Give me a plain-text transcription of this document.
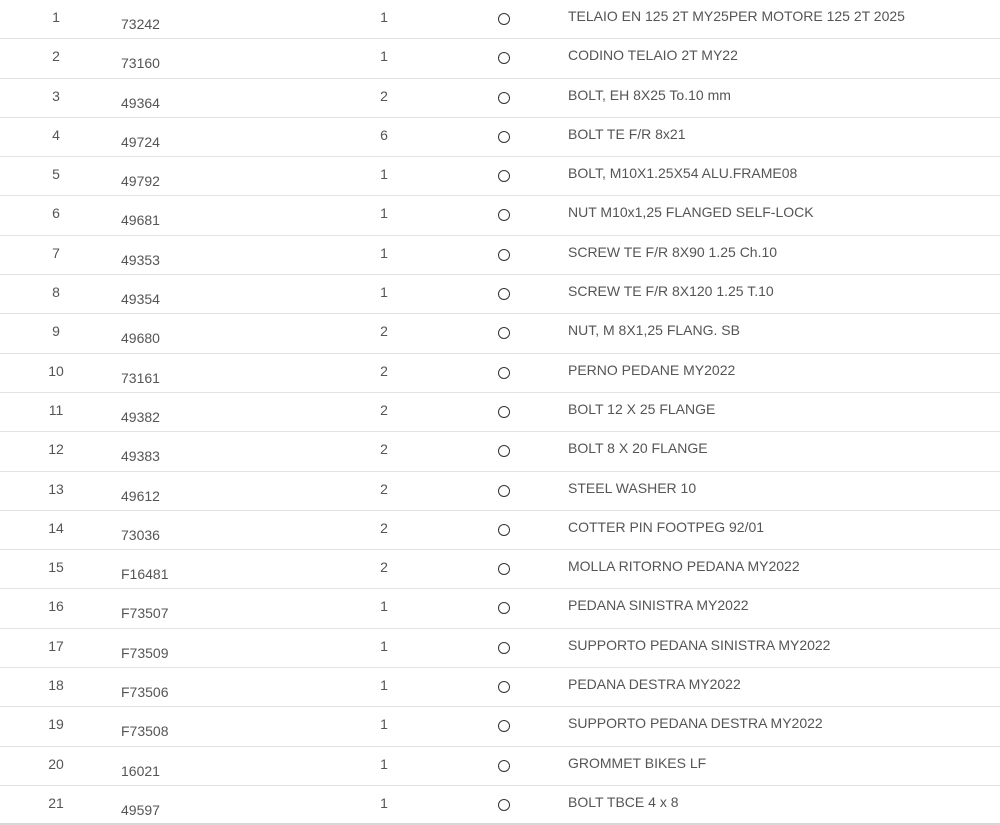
1	73242	1	TELAIO EN 125 2T MY25PER MOTORE 125 2T 2025
2	73160	1	CODINO TELAIO 2T MY22
3	49364	2	BOLT, EH 8X25 To.10 mm
4	49724	6	BOLT TE F/R 8x21
5	49792	1	BOLT, M10X1.25X54 ALU.FRAME08
6	49681	1	NUT M10x1,25 FLANGED SELF-LOCK
7	49353	1	SCREW TE F/R 8X90 1.25 Ch.10
8	49354	1	SCREW TE F/R 8X120 1.25 T.10
9	49680	2	NUT, M 8X1,25 FLANG. SB
10	73161	2	PERNO PEDANE MY2022
11	49382	2	BOLT 12 X 25 FLANGE
12	49383	2	BOLT 8 X 20 FLANGE
13	49612	2	STEEL WASHER 10
14	73036	2	COTTER PIN FOOTPEG 92/01
15	F16481	2	MOLLA RITORNO PEDANA MY2022
16	F73507	1	PEDANA SINISTRA MY2022
17	F73509	1	SUPPORTO PEDANA SINISTRA MY2022
18	F73506	1	PEDANA DESTRA MY2022
19	F73508	1	SUPPORTO PEDANA DESTRA MY2022
20	16021	1	GROMMET BIKES LF
21	49597	1	BOLT TBCE 4 x 8
